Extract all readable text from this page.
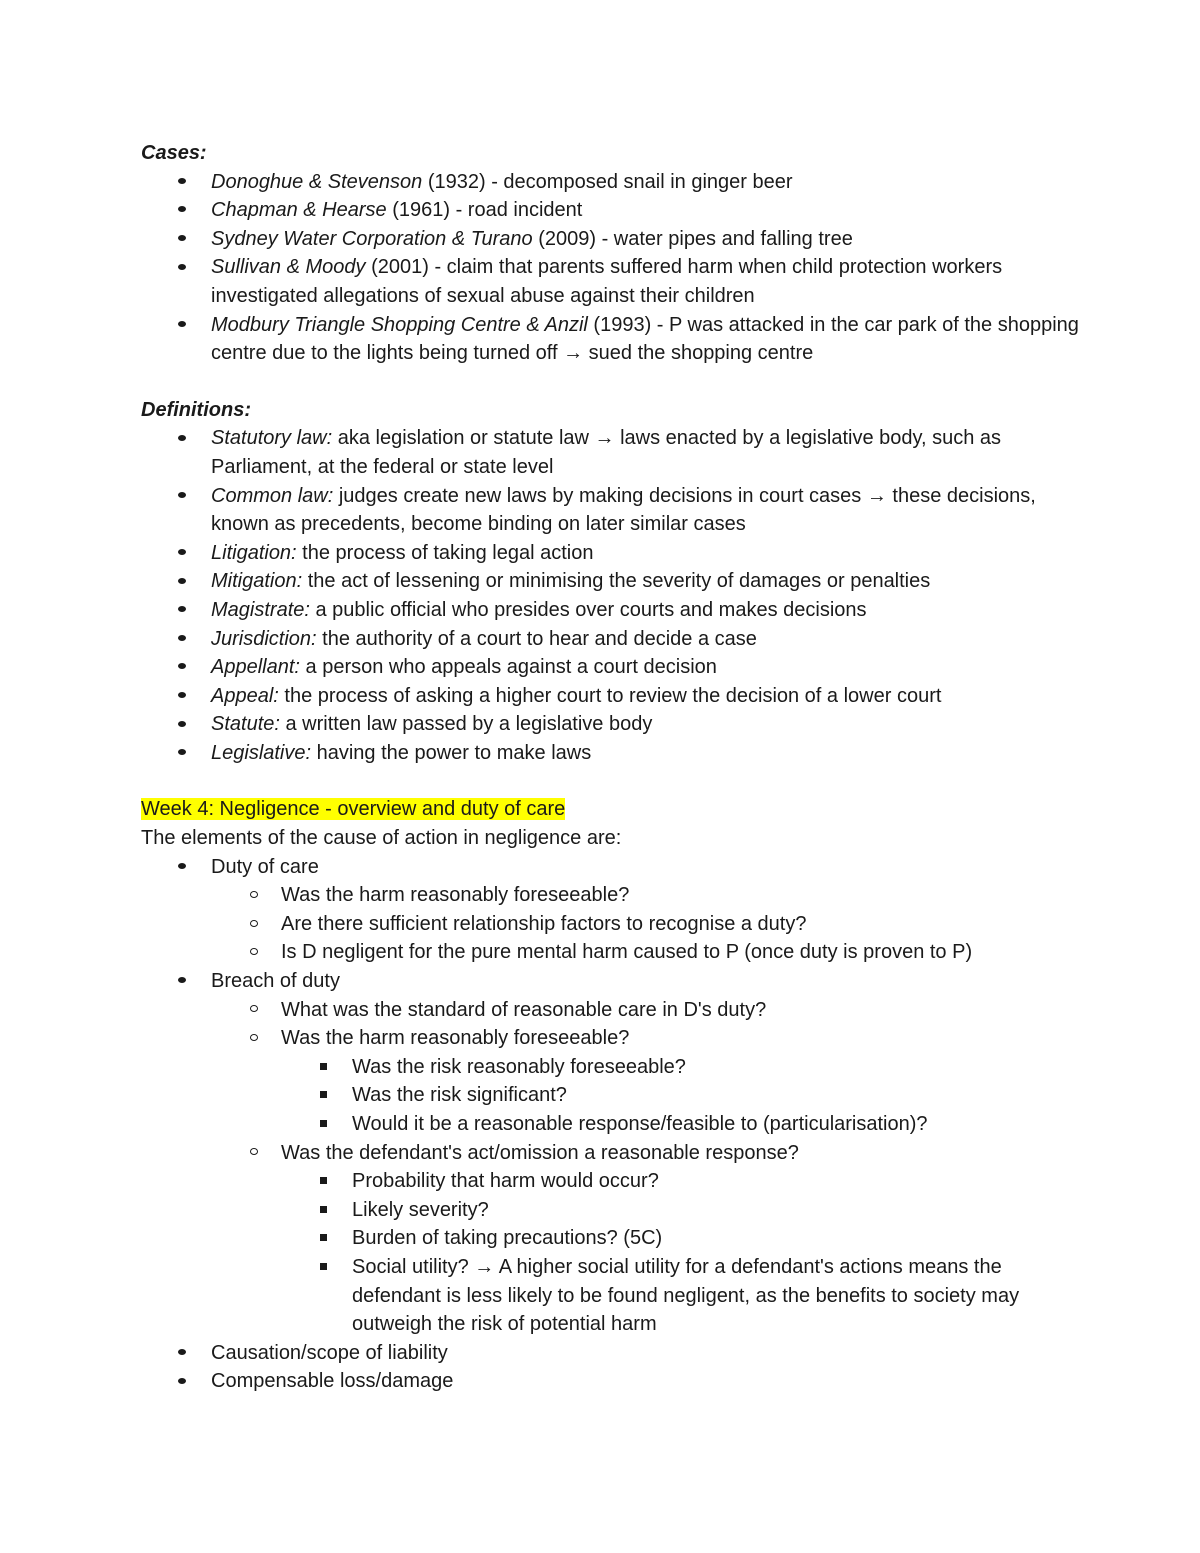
Cases:
Donoghue & Stevenson (1932) - decomposed snail in ginger beer
Chapman & Hearse (1961) - road incident
Sydney Water Corporation & Turano (2009) - water pipes and falling tree
Sullivan & Moody (2001) - claim that parents suffered harm when child protection workers investigated allegations of sexual abuse against their children
Modbury Triangle Shopping Centre & Anzil (1993) - P was attacked in the car park of the shopping centre due to the lights being turned off → sued the shopping centre
Definitions:
Statutory law: aka legislation or statute law → laws enacted by a legislative body, such as Parliament, at the federal or state level
Common law: judges create new laws by making decisions in court cases → these decisions, known as precedents, become binding on later similar cases
Litigation: the process of taking legal action
Mitigation: the act of lessening or minimising the severity of damages or penalties
Magistrate: a public official who presides over courts and makes decisions
Jurisdiction: the authority of a court to hear and decide a case
Appellant: a person who appeals against a court decision
Appeal: the process of asking a higher court to review the decision of a lower court
Statute: a written law passed by a legislative body
Legislative: having the power to make laws
Week 4: Negligence - overview and duty of care
The elements of the cause of action in negligence are:
Duty of care
Was the harm reasonably foreseeable?
Are there sufficient relationship factors to recognise a duty?
Is D negligent for the pure mental harm caused to P (once duty is proven to P)
Breach of duty
What was the standard of reasonable care in D's duty?
Was the harm reasonably foreseeable?
Was the risk reasonably foreseeable?
Was the risk significant?
Would it be a reasonable response/feasible to (particularisation)?
Was the defendant's act/omission a reasonable response?
Probability that harm would occur?
Likely severity?
Burden of taking precautions? (5C)
Social utility? → A higher social utility for a defendant's actions means the defendant is less likely to be found negligent, as the benefits to society may outweigh the risk of potential harm
Causation/scope of liability
Compensable loss/damage
